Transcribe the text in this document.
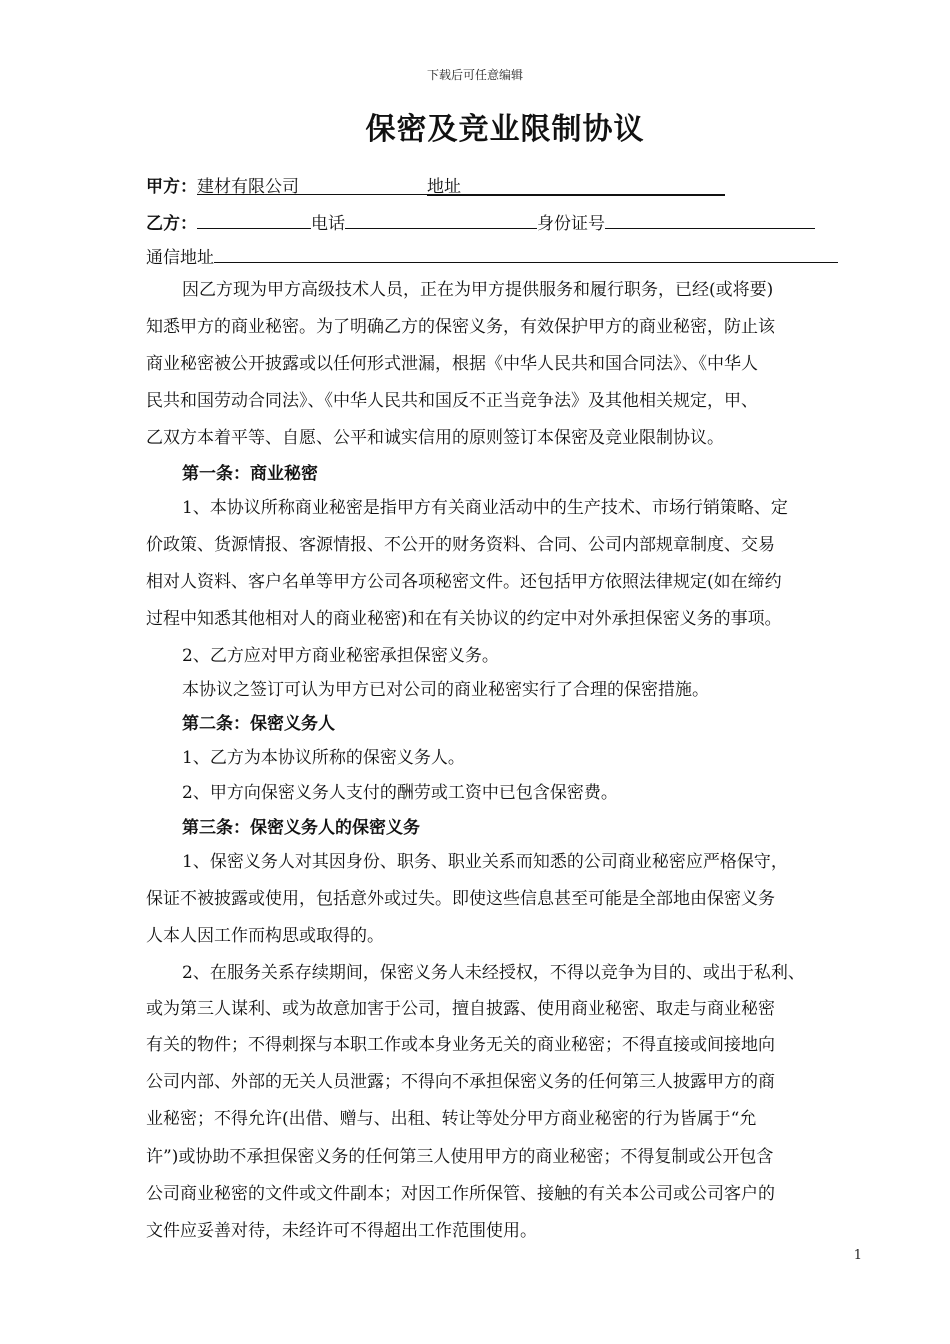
下载后可任意编辑
保密及竞业限制协议
甲方：建材有限公司	地址
乙方：	电话	身份证号
通信地址
因乙方现为甲方高级技术人员，正在为甲方提供服务和履行职务，已经(或将要)
知悉甲方的商业秘密。为了明确乙方的保密义务，有效保护甲方的商业秘密，防止该
商业秘密被公开披露或以任何形式泄漏，根据《中华人民共和国合同法》、《中华人
民共和国劳动合同法》、《中华人民共和国反不正当竞争法》及其他相关规定，甲、
乙双方本着平等、自愿、公平和诚实信用的原则签订本保密及竞业限制协议。
第一条：商业秘密
1、本协议所称商业秘密是指甲方有关商业活动中的生产技术、市场行销策略、定
价政策、货源情报、客源情报、不公开的财务资料、合同、公司内部规章制度、交易
相对人资料、客户名单等甲方公司各项秘密文件。还包括甲方依照法律规定(如在缔约
过程中知悉其他相对人的商业秘密)和在有关协议的约定中对外承担保密义务的事项。
2、乙方应对甲方商业秘密承担保密义务。
本协议之签订可认为甲方已对公司的商业秘密实行了合理的保密措施。
第二条：保密义务人
1、乙方为本协议所称的保密义务人。
2、甲方向保密义务人支付的酬劳或工资中已包含保密费。
第三条：保密义务人的保密义务
1、保密义务人对其因身份、职务、职业关系而知悉的公司商业秘密应严格保守，
保证不被披露或使用，包括意外或过失。即使这些信息甚至可能是全部地由保密义务
人本人因工作而构思或取得的。
2、在服务关系存续期间，保密义务人未经授权，不得以竞争为目的、或出于私利、
或为第三人谋利、或为故意加害于公司，擅自披露、使用商业秘密、取走与商业秘密
有关的物件；不得刺探与本职工作或本身业务无关的商业秘密；不得直接或间接地向
公司内部、外部的无关人员泄露；不得向不承担保密义务的任何第三人披露甲方的商
业秘密；不得允许(出借、赠与、出租、转让等处分甲方商业秘密的行为皆属于“允
许”)或协助不承担保密义务的任何第三人使用甲方的商业秘密；不得复制或公开包含
公司商业秘密的文件或文件副本；对因工作所保管、接触的有关本公司或公司客户的
文件应妥善对待，未经许可不得超出工作范围使用。
1
